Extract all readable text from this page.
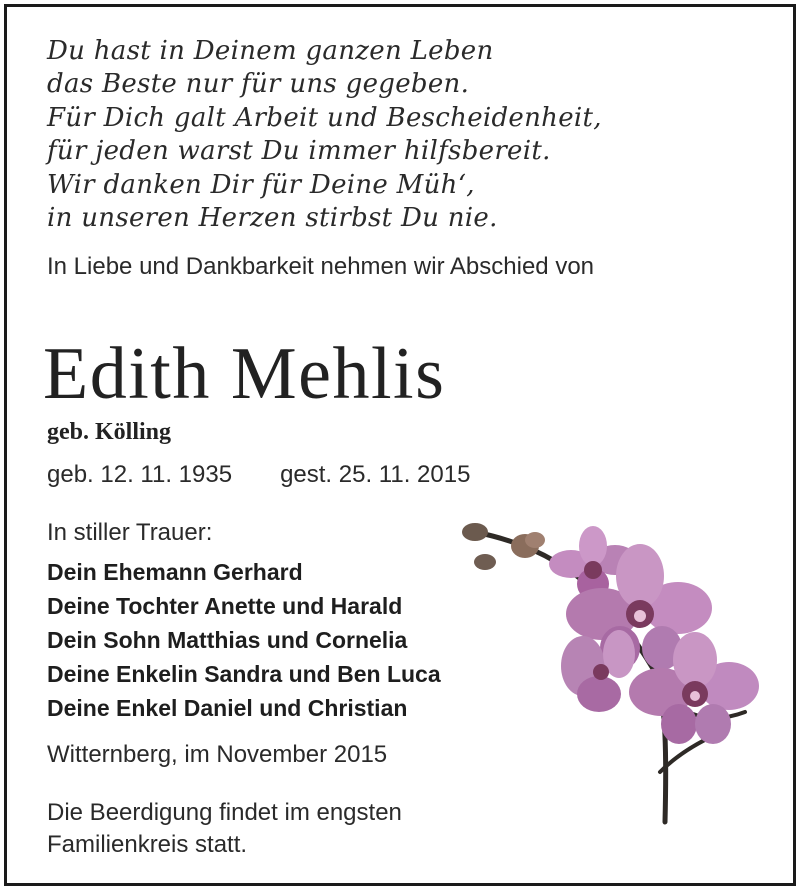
Du hast in Deinem ganzen Leben
das Beste nur für uns gegeben.
Für Dich galt Arbeit und Bescheidenheit,
für jeden warst Du immer hilfsbereit.
Wir danken Dir für Deine Müh‘,
in unseren Herzen stirbst Du nie.
In Liebe und Dankbarkeit nehmen wir Abschied von
Edith Mehlis
geb. Kölling
geb. 12. 11. 1935 gest. 25. 11. 2015
In stiller Trauer:
Dein Ehemann Gerhard
Deine Tochter Anette und Harald
Dein Sohn Matthias und Cornelia
Deine Enkelin Sandra und Ben Luca
Deine Enkel Daniel und Christian
Witternberg, im November 2015
Die Beerdigung findet im engsten
Familienkreis statt.
